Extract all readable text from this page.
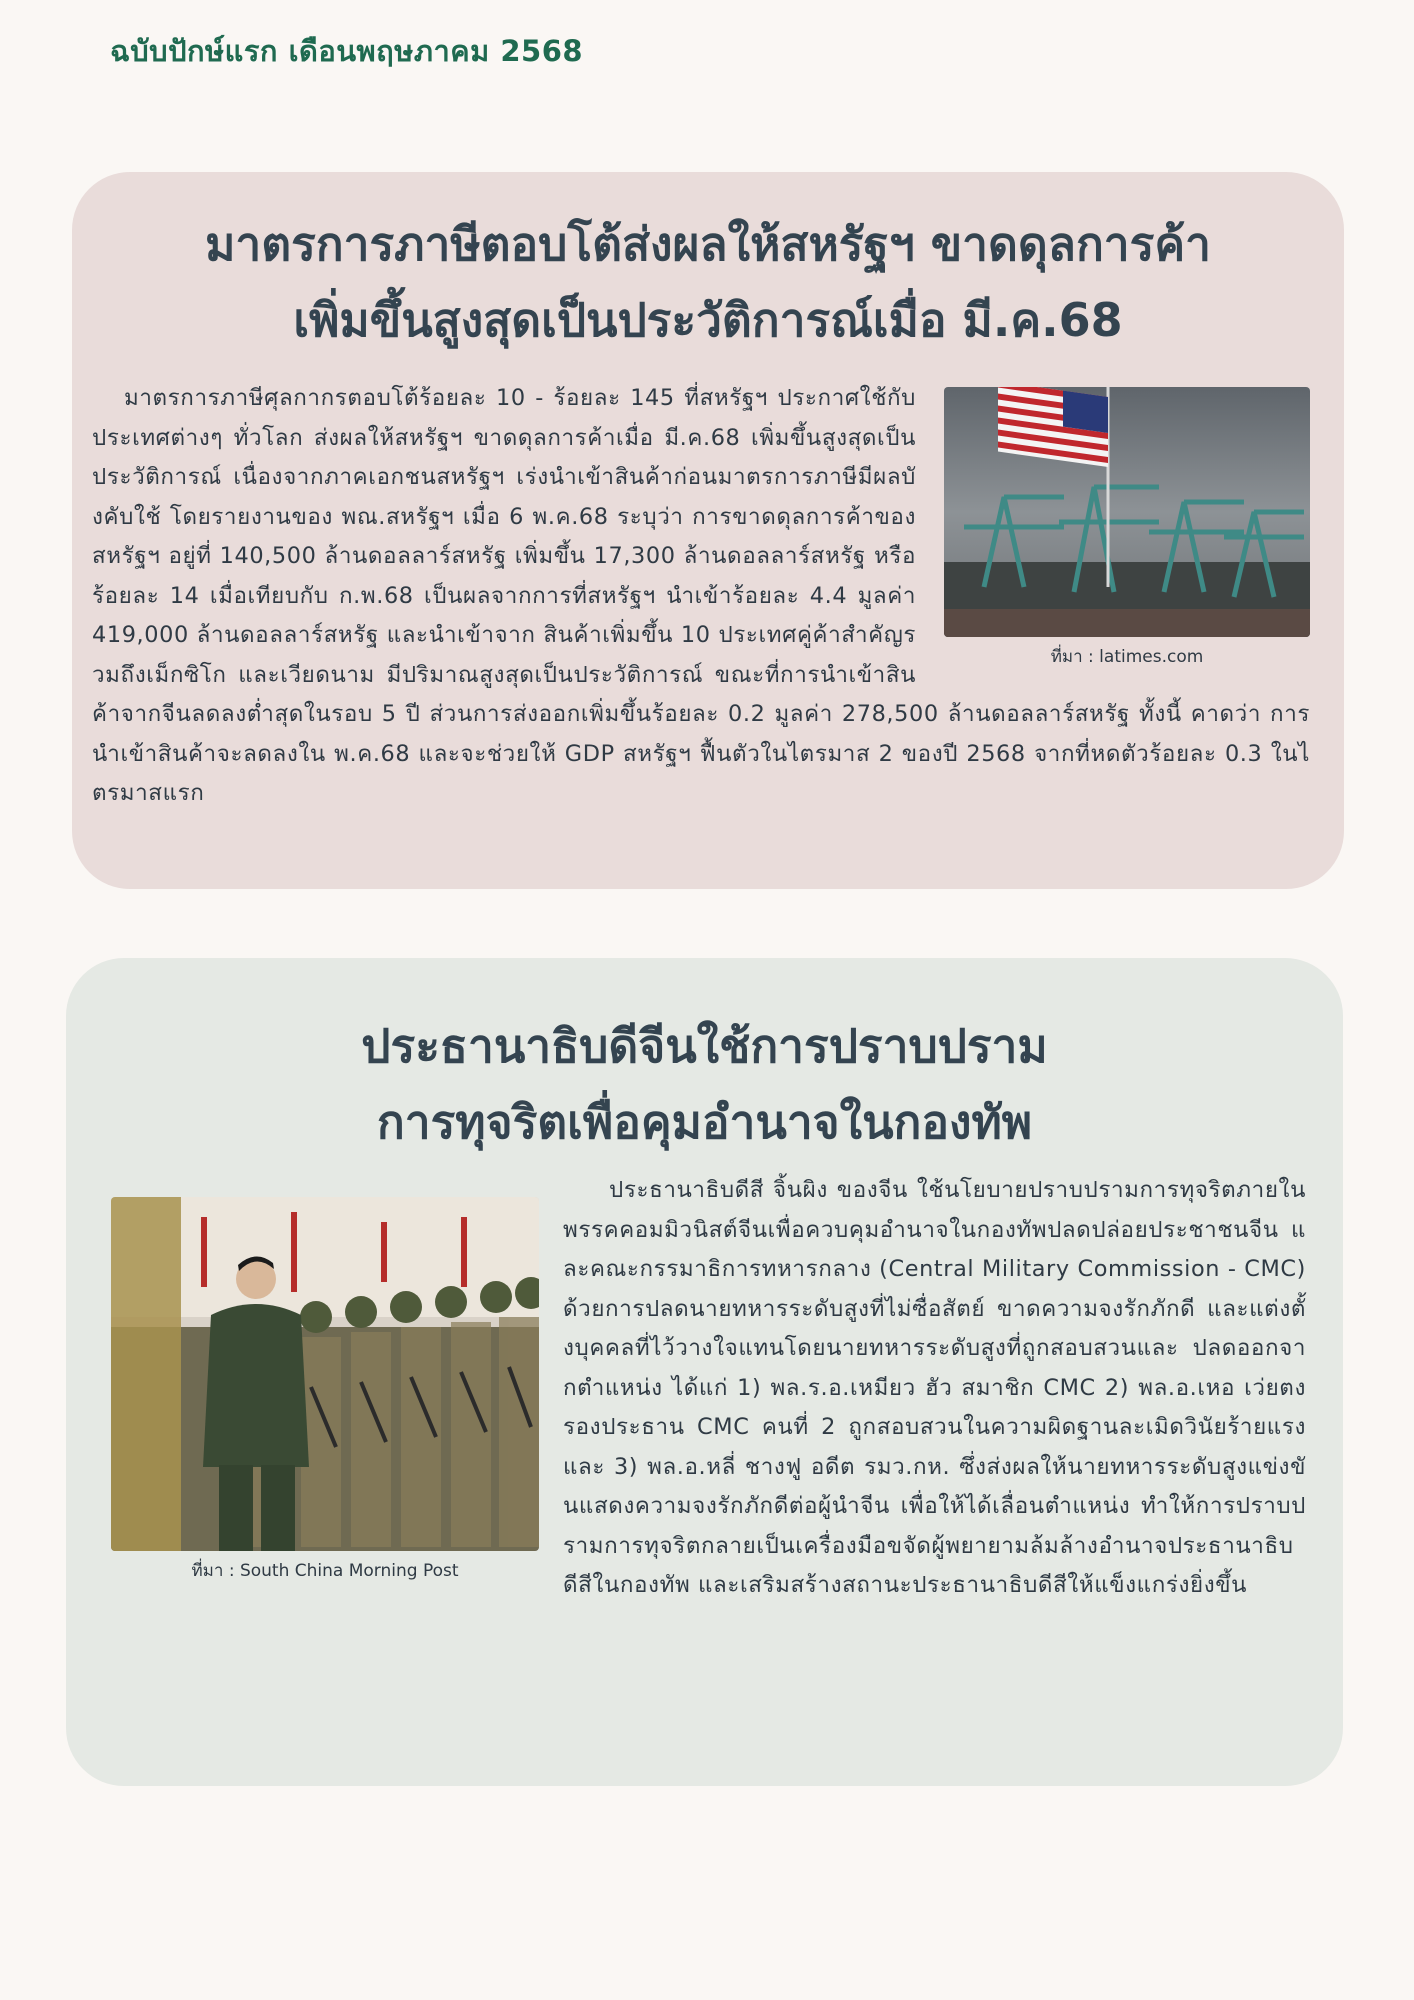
ฉบับปักษ์แรก เดือนพฤษภาคม 2568
มาตรการภาษีตอบโต้ส่งผลให้สหรัฐฯ ขาดดุลการค้า
เพิ่มขึ้นสูงสุดเป็นประวัติการณ์เมื่อ มี.ค.68
ที่มา : latimes.com
มาตรการภาษีศุลกากรตอบโต้ร้อยละ 10 - ร้อยละ 145 ที่สหรัฐฯ ประกาศใช้กับประเทศต่างๆ ทั่วโลก ส่งผลให้สหรัฐฯ ขาดดุลการค้าเมื่อ มี.ค.68 เพิ่มขึ้นสูงสุดเป็นประวัติการณ์ เนื่องจากภาคเอกชนสหรัฐฯ เร่งนำเข้าสินค้าก่อนมาตรการภาษีมีผลบังคับใช้ โดยรายงานของ พณ.สหรัฐฯ เมื่อ 6 พ.ค.68 ระบุว่า การขาดดุลการค้าของสหรัฐฯ อยู่ที่ 140,500 ล้านดอลลาร์สหรัฐ เพิ่มขึ้น 17,300 ล้านดอลลาร์สหรัฐ หรือร้อยละ 14 เมื่อเทียบกับ ก.พ.68 เป็นผลจากการที่สหรัฐฯ นำเข้าร้อยละ 4.4 มูลค่า 419,000 ล้านดอลลาร์สหรัฐ และนำเข้าจาก สินค้าเพิ่มขึ้น 10 ประเทศคู่ค้าสำคัญรวมถึงเม็กซิโก และเวียดนาม มีปริมาณสูงสุดเป็นประวัติการณ์ ขณะที่การนำเข้าสินค้าจากจีนลดลงต่ำสุดในรอบ 5 ปี ส่วนการส่งออกเพิ่มขึ้นร้อยละ 0.2 มูลค่า 278,500 ล้านดอลลาร์สหรัฐ ทั้งนี้ คาดว่า การนำเข้าสินค้าจะลดลงใน พ.ค.68 และจะช่วยให้ GDP สหรัฐฯ ฟื้นตัวในไตรมาส 2 ของปี 2568 จากที่หดตัวร้อยละ 0.3 ในไตรมาสแรก
ประธานาธิบดีจีนใช้การปราบปราม
การทุจริตเพื่อคุมอำนาจในกองทัพ
ที่มา : South China Morning Post
ประธานาธิบดีสี จิ้นผิง ของจีน ใช้นโยบายปราบปรามการทุจริตภายในพรรคคอมมิวนิสต์จีนเพื่อควบคุมอำนาจในกองทัพปลดปล่อยประชาชนจีน และคณะกรรมาธิการทหารกลาง (Central Military Commission - CMC) ด้วยการปลดนายทหารระดับสูงที่ไม่ซื่อสัตย์ ขาดความจงรักภักดี และแต่งตั้งบุคคลที่ไว้วางใจแทนโดยนายทหารระดับสูงที่ถูกสอบสวนและ ปลดออกจากตำแหน่ง ได้แก่ 1) พล.ร.อ.เหมียว ฮัว สมาชิก CMC 2) พล.อ.เหอ เว่ยตง รองประธาน CMC คนที่ 2 ถูกสอบสวนในความผิดฐานละเมิดวินัยร้ายแรง และ 3) พล.อ.หลี่ ชางฟู อดีต รมว.กห. ซึ่งส่งผลให้นายทหารระดับสูงแข่งขันแสดงความจงรักภักดีต่อผู้นำจีน เพื่อให้ได้เลื่อนตำแหน่ง ทำให้การปราบปรามการทุจริตกลายเป็นเครื่องมือขจัดผู้พยายามล้มล้างอำนาจประธานาธิบดีสีในกองทัพ และเสริมสร้างสถานะประธานาธิบดีสีให้แข็งแกร่งยิ่งขึ้น
